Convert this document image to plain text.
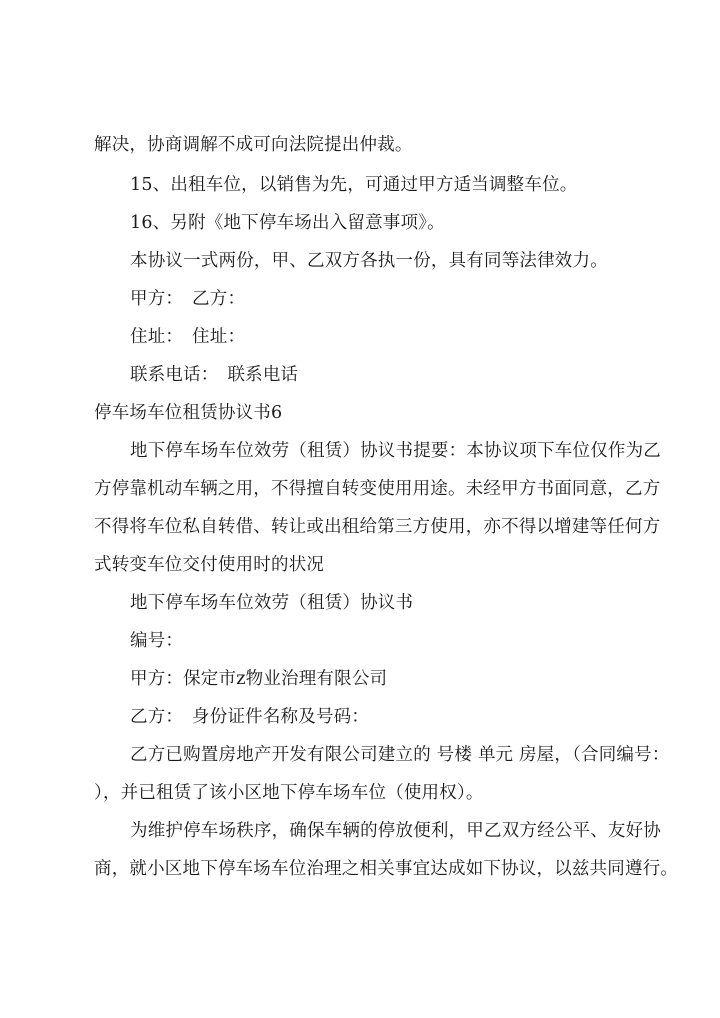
解决，协商调解不成可向法院提出仲裁。
15、出租车位，以销售为先，可通过甲方适当调整车位。
16、另附《地下停车场出入留意事项》。
本协议一式两份，甲、乙双方各执一份，具有同等法律效力。
甲方：　乙方：
住址：　住址：
联系电话：　联系电话
停车场车位租赁协议书6
地下停车场车位效劳（租赁）协议书提要：本协议项下车位仅作为乙
方停靠机动车辆之用，不得擅自转变使用用途。未经甲方书面同意，乙方
不得将车位私自转借、转让或出租给第三方使用，亦不得以增建等任何方
式转变车位交付使用时的状况
地下停车场车位效劳（租赁）协议书
编号：
甲方：保定市z物业治理有限公司
乙方：　身份证件名称及号码：
乙方已购置房地产开发有限公司建立的 号楼 单元 房屋，（合同编号：
），并已租赁了该小区地下停车场车位（使用权）。
为维护停车场秩序，确保车辆的停放便利，甲乙双方经公平、友好协
商，就小区地下停车场车位治理之相关事宜达成如下协议，以兹共同遵行。
